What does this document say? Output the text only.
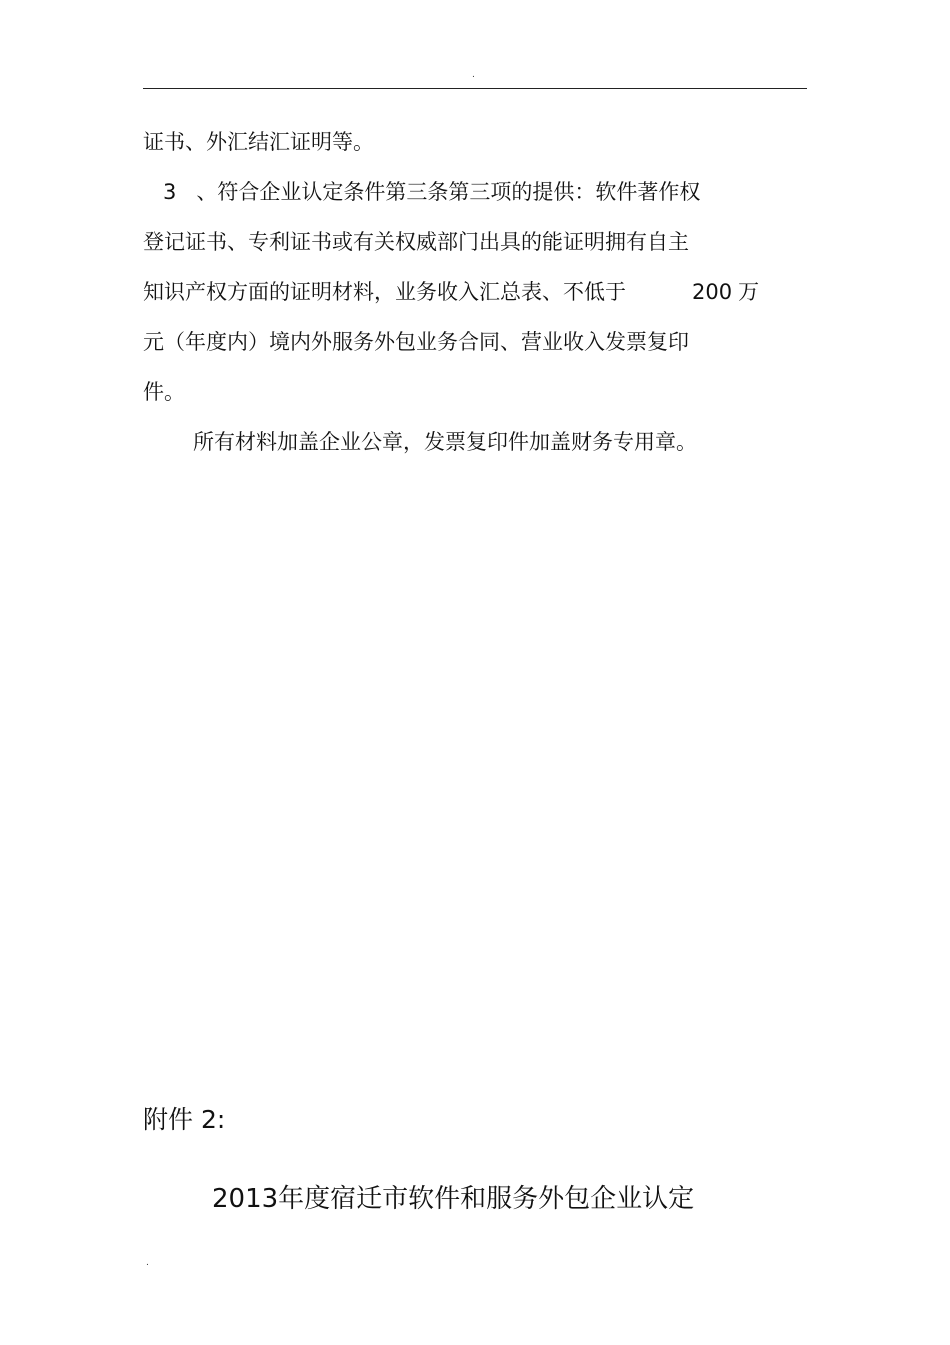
.
证书、外汇结汇证明等。
3 、符合企业认定条件第三条第三项的提供：软件著作权
登记证书、专利证书或有关权威部门出具的能证明拥有自主
知识产权方面的证明材料，业务收入汇总表、不低于	200 万
元（年度内）境内外服务外包业务合同、营业收入发票复印
件。
所有材料加盖企业公章，发票复印件加盖财务专用章。
附件 2:
2013年度宿迁市软件和服务外包企业认定
.
